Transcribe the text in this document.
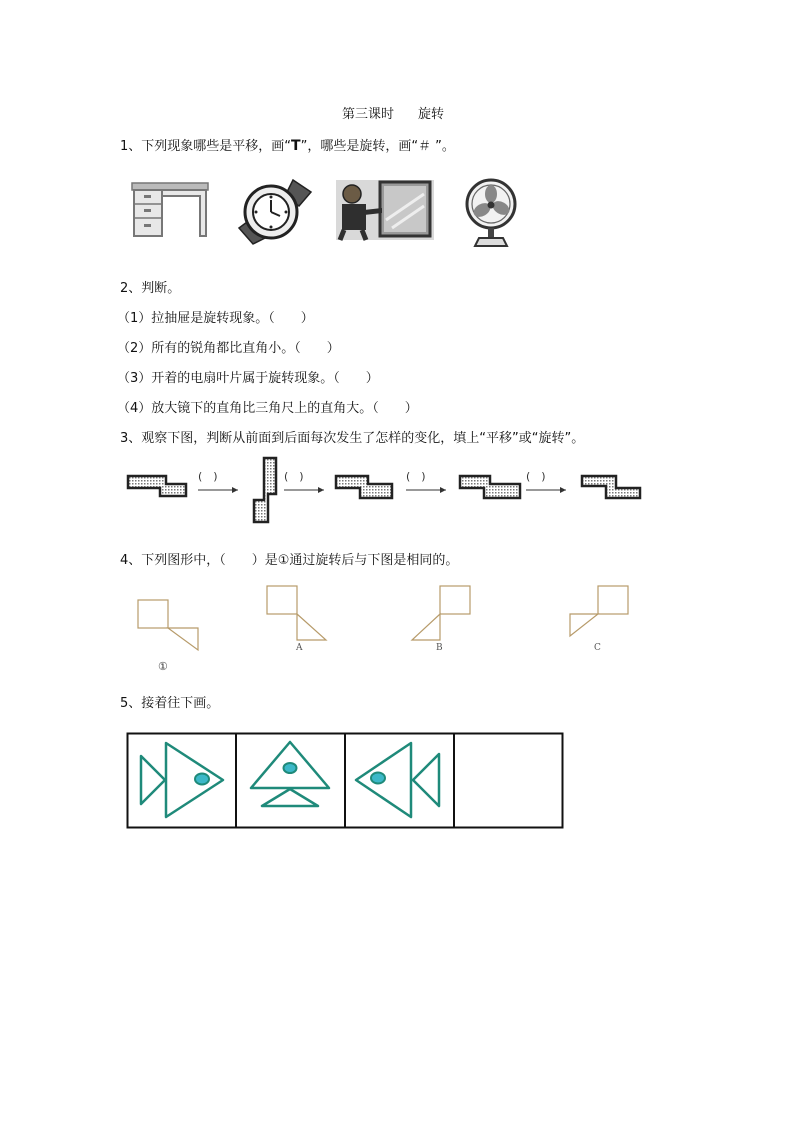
第三课时 旋转
1、下列现象哪些是平移，画“T”，哪些是旋转，画“＃ ”。
2、判断。
（1）拉抽屉是旋转现象。（　　）
（2）所有的锐角都比直角小。（　　）
（3）开着的电扇叶片属于旋转现象。（　　）
（4）放大镜下的直角比三角尺上的直角大。（　　）
3、观察下图，判断从前面到后面每次发生了怎样的变化，填上“平移”或“旋转”。
(　)	(　)	(　)	(　)
4、下列图形中，（　　）是①通过旋转后与下图是相同的。
①
A	B	C
5、接着往下画。
